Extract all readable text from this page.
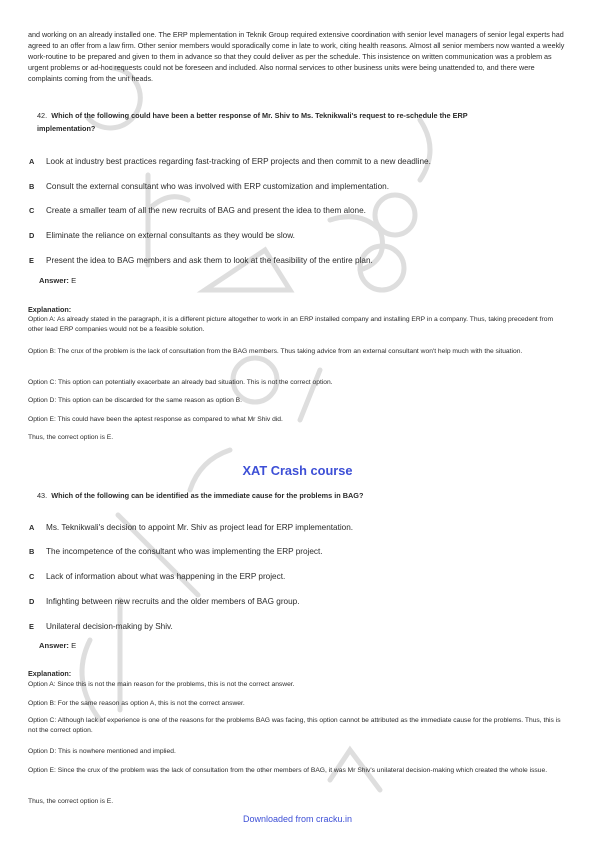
and working on an already installed one. The ERP mplementation in Teknik Group required extensive coordination with senior level managers of senior legal experts had agreed to an offer from a law firm. Other senior members would sporadically come in late to work, citing health reasons. Almost all senior members now wanted a weekly work-routine to be prepared and given to them in advance so that they could deliver as per the schedule. This insistence on written communication was a problem as urgent problems or ad-hoc requests could not be foreseen and included. Also normal services to other business units were being unattended to, and there were complaints coming from the unit heads.

42. Which of the following could have been a better response of Mr. Shiv to Ms. Teknikwali's request to re-schedule the ERP implementation?

A Look at industry best practices regarding fast-tracking of ERP projects and then commit to a new deadline.
B Consult the external consultant who was involved with ERP customization and implementation.
C Create a smaller team of all the new recruits of BAG and present the idea to them alone.
D Eliminate the reliance on external consultants as they would be slow.
E Present the idea to BAG members and ask them to look at the feasibility of the entire plan.
Answer: E
Explanation:

Option A: As already stated in the paragraph, it is a different picture altogether to work in an ERP installed company and installing ERP in a company. Thus, taking precedent from other lead ERP companies would not be a feasible solution.

Option B: The crux of the problem is the lack of consultation from the BAG members. Thus taking advice from an external consultant won't help much with the situation.

Option C: This option can potentially exacerbate an already bad situation. This is not the correct option.

Option D: This option can be discarded for the same reason as option B.

Option E: This could have been the aptest response as compared to what Mr Shiv did.

Thus, the correct option is E.

XAT Crash course

43. Which of the following can be identified as the immediate cause for the problems in BAG?

A Ms. Teknikwali's decision to appoint Mr. Shiv as project lead for ERP implementation.
B The incompetence of the consultant who was implementing the ERP project.
C Lack of information about what was happening in the ERP project.
D Infighting between new recruits and the older members of BAG group.
E Unilateral decision-making by Shiv.
Answer: E
Explanation:

Option A: Since this is not the main reason for the problems, this is not the correct answer.

Option B: For the same reason as option A, this is not the correct answer.

Option C: Although lack of experience is one of the reasons for the problems BAG was facing, this option cannot be attributed as the immediate cause for the problems. Thus, this is not the correct option.

Option D: This is nowhere mentioned and implied.

Option E: Since the crux of the problem was the lack of consultation from the other members of BAG, it was Mr Shiv's unilateral decision-making which created the whole issue.

Thus, the correct option is E.

Downloaded from cracku.in
